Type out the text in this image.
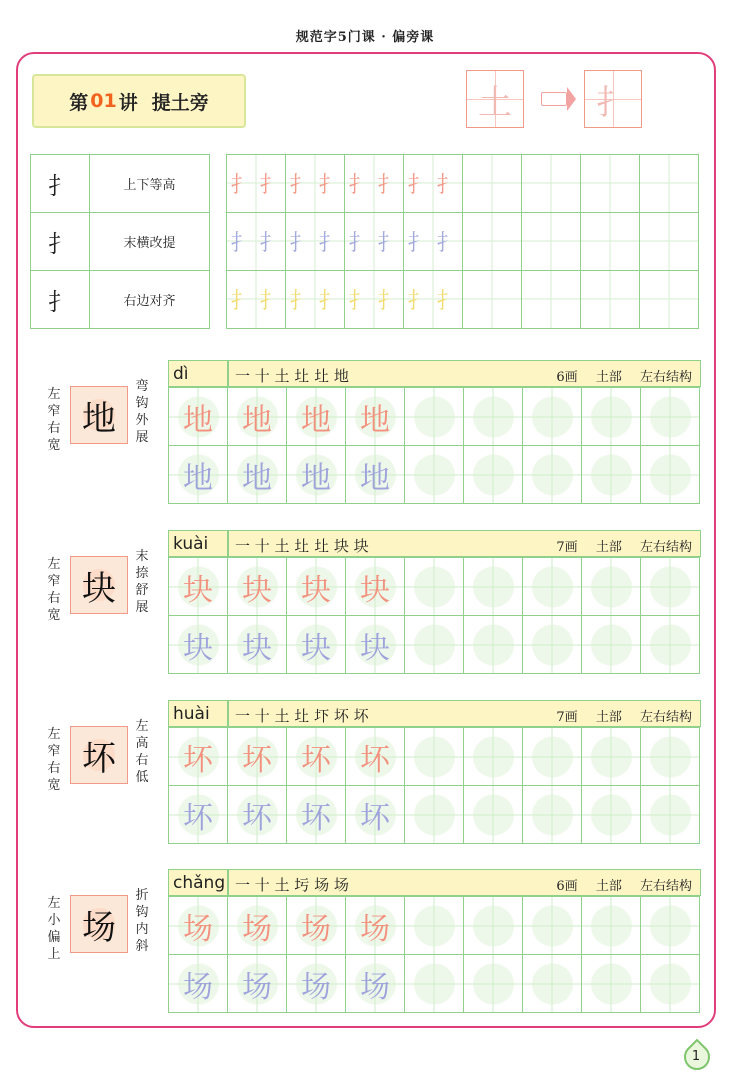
规范字5门课 · 偏旁课
第 01 讲 提土旁	土	扌
扌	上下等高
扌	末横改提
扌	右边对齐
扌 扌	扌 扌	扌 扌	扌 扌				
扌 扌	扌 扌	扌 扌	扌 扌				
扌 扌	扌 扌	扌 扌	扌 扌				
左
窄
右
宽
地
弯
钩
外
展
dì	一 十 土 圵 圵 地	6画 土部 左右结构
地	地	地	地					
地	地	地	地					
左
窄
右
宽
块
末
捺
舒
展
kuài 一 十 土 圵 圵 块 块	7画 土部 左右结构
块	块	块	块					
块	块	块	块					
左
窄
右
宽
坏
左
高
右
低
huài 一 十 土 圵 圷 坏 坏	7画 土部 左右结构
坏	坏	坏	坏					
坏	坏	坏	坏					
左
小
偏
上
场
折
钩
内
斜
chǎng 一 十 土 圬 场 场	6画 土部 左右结构
场	场	场	场					
场	场	场	场					
1
